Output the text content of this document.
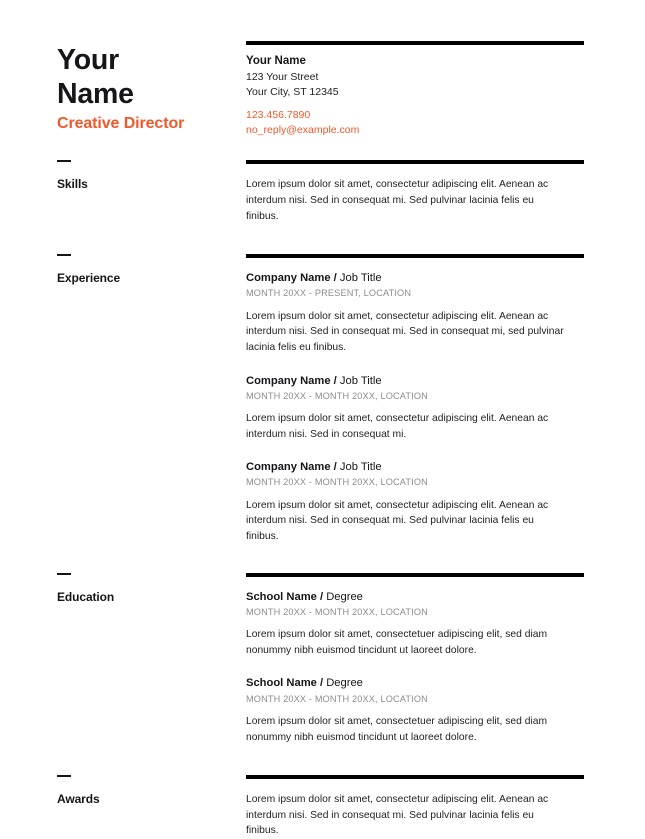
Your
Name
Creative Director
Your Name
123 Your Street
Your City, ST 12345
123.456.7890
no_reply@example.com
Skills	Lorem ipsum dolor sit amet, consectetur adipiscing elit. Aenean ac interdum nisi. Sed in consequat mi. Sed pulvinar lacinia felis eu finibus.

Experience	Company Name / Job Title
MONTH 20XX - PRESENT, LOCATION
Lorem ipsum dolor sit amet, consectetur adipiscing elit. Aenean ac interdum nisi. Sed in consequat mi. Sed in consequat mi, sed pulvinar lacinia felis eu finibus.
Company Name / Job Title
MONTH 20XX - MONTH 20XX, LOCATION
Lorem ipsum dolor sit amet, consectetur adipiscing elit. Aenean ac interdum nisi. Sed in consequat mi.
Company Name / Job Title
MONTH 20XX - MONTH 20XX, LOCATION
Lorem ipsum dolor sit amet, consectetur adipiscing elit. Aenean ac interdum nisi. Sed in consequat mi. Sed pulvinar lacinia felis eu finibus.
Education	School Name / Degree
MONTH 20XX - MONTH 20XX, LOCATION
Lorem ipsum dolor sit amet, consectetuer adipiscing elit, sed diam nonummy nibh euismod tincidunt ut laoreet dolore.
School Name / Degree
MONTH 20XX - MONTH 20XX, LOCATION
Lorem ipsum dolor sit amet, consectetuer adipiscing elit, sed diam nonummy nibh euismod tincidunt ut laoreet dolore.
Awards	Lorem ipsum dolor sit amet, consectetur adipiscing elit. Aenean ac interdum nisi. Sed in consequat mi. Sed pulvinar lacinia felis eu finibus.
